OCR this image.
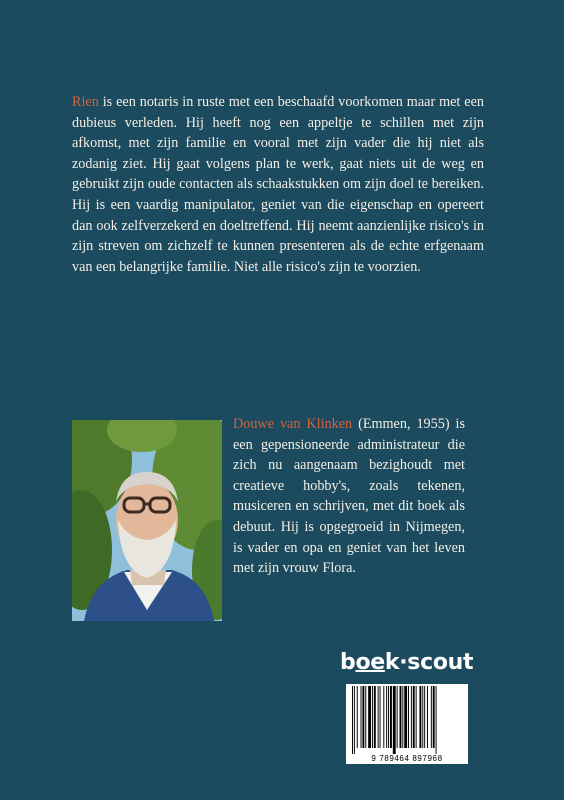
Rien is een notaris in ruste met een beschaafd voorkomen maar met een dubieus verleden. Hij heeft nog een appeltje te schillen met zijn afkomst, met zijn familie en vooral met zijn vader die hij niet als zodanig ziet. Hij gaat volgens plan te werk, gaat niets uit de weg en gebruikt zijn oude contacten als schaakstukken om zijn doel te bereiken. Hij is een vaardig manipulator, geniet van die eigenschap en opereert dan ook zelfverzekerd en doeltreffend. Hij neemt aanzienlijke risico's in zijn streven om zichzelf te kunnen presenteren als de echte erfgenaam van een belangrijke familie. Niet alle risico's zijn te voorzien.
Douwe van Klinken (Emmen, 1955) is een gepensioneerde administrateur die zich nu aangenaam bezighoudt met creatieve hobby's, zoals tekenen, musiceren en schrijven, met dit boek als debuut. Hij is opgegroeid in Nijmegen, is vader en opa en geniet van het leven met zijn vrouw Flora.
boek·scout
9 789464 897968
